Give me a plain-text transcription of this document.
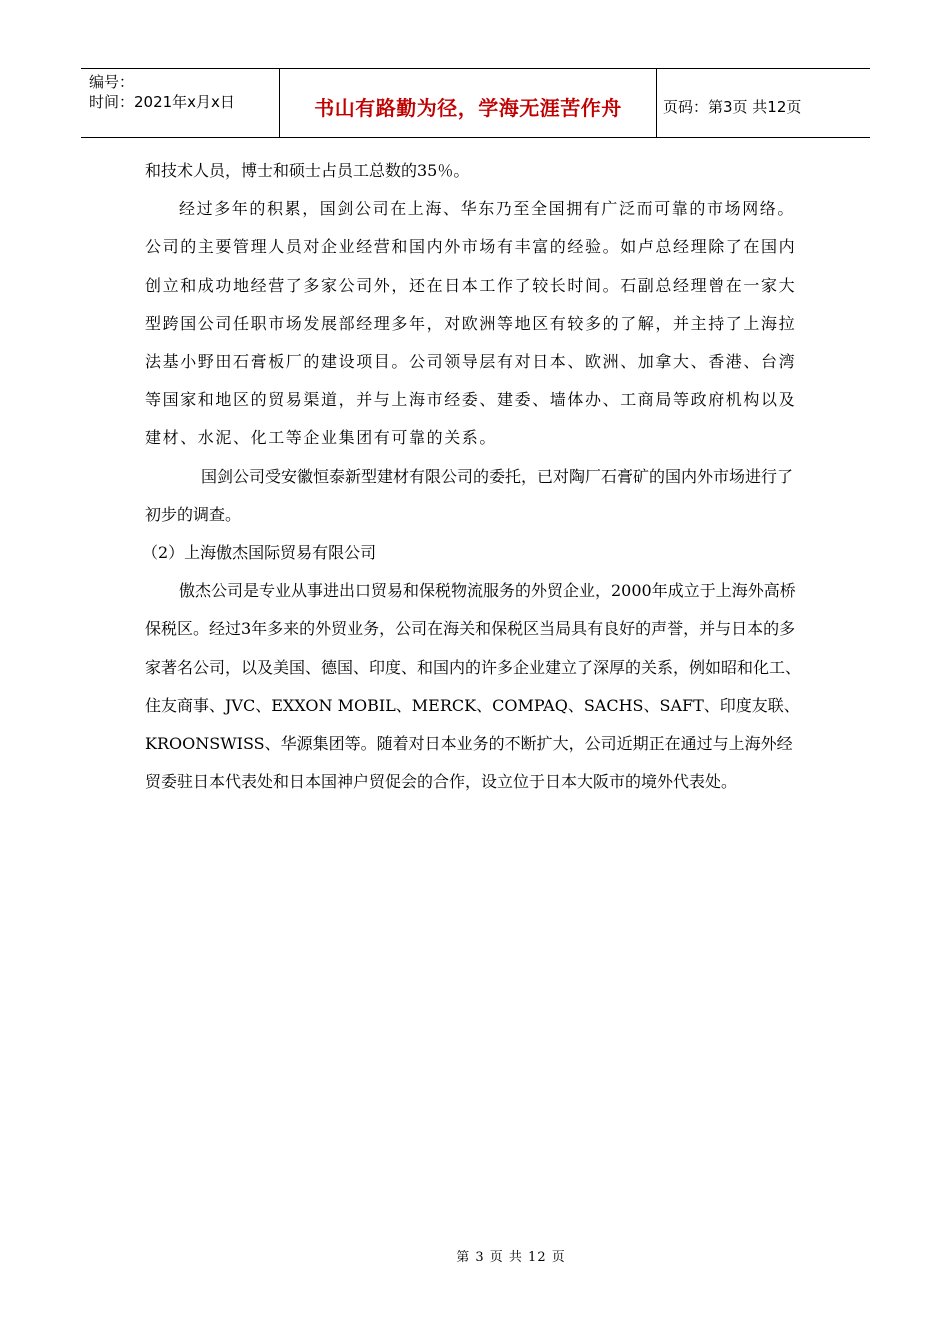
编号：
时间：2021年x月x日	书山有路勤为径，学海无涯苦作舟	页码：第3页 共12页

和技术人员，博士和硕士占员工总数的35％。

经过多年的积累，国剑公司在上海、华东乃至全国拥有广泛而可靠的市场网络。公司的主要管理人员对企业经营和国内外市场有丰富的经验。如卢总经理除了在国内创立和成功地经营了多家公司外，还在日本工作了较长时间。石副总经理曾在一家大型跨国公司任职市场发展部经理多年，对欧洲等地区有较多的了解，并主持了上海拉法基小野田石膏板厂的建设项目。公司领导层有对日本、欧洲、加拿大、香港、台湾等国家和地区的贸易渠道，并与上海市经委、建委、墙体办、工商局等政府机构以及建材、水泥、化工等企业集团有可靠的关系。

国剑公司受安徽恒泰新型建材有限公司的委托，已对陶厂石膏矿的国内外市场进行了初步的调查。

（2）上海傲杰国际贸易有限公司

傲杰公司是专业从事进出口贸易和保税物流服务的外贸企业，2000年成立于上海外高桥保税区。经过3年多来的外贸业务，公司在海关和保税区当局具有良好的声誉，并与日本的多家著名公司，以及美国、德国、印度、和国内的许多企业建立了深厚的关系，例如昭和化工、住友商事、JVC、EXXON MOBIL、MERCK、COMPAQ、SACHS、SAFT、印度友联、KROONSWISS、华源集团等。随着对日本业务的不断扩大，公司近期正在通过与上海外经贸委驻日本代表处和日本国神户贸促会的合作，设立位于日本大阪市的境外代表处。

第 3 页 共 12 页
